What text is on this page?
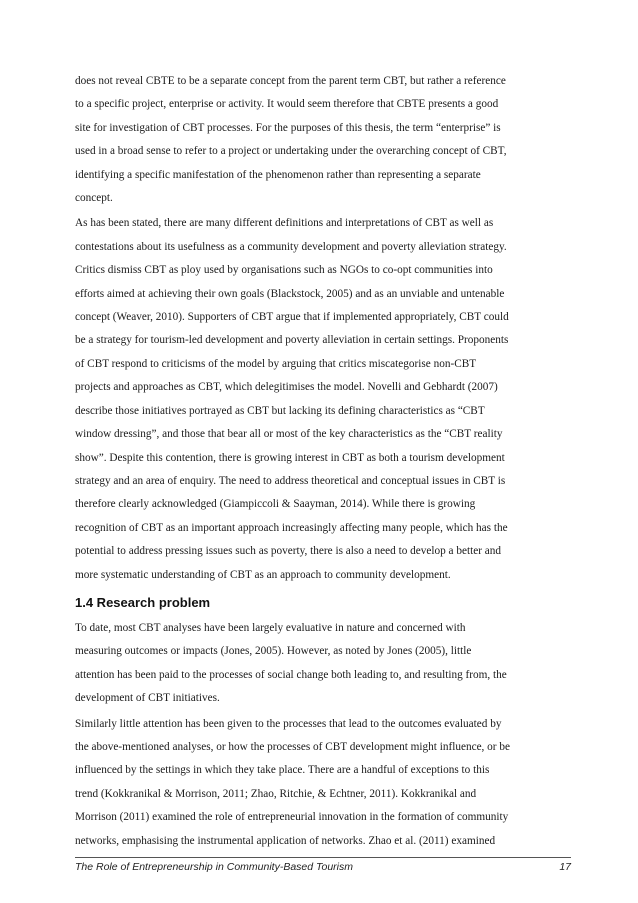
does not reveal CBTE to be a separate concept from the parent term CBT, but rather a reference
to a specific project, enterprise or activity. It would seem therefore that CBTE presents a good
site for investigation of CBT processes. For the purposes of this thesis, the term “enterprise” is
used in a broad sense to refer to a project or undertaking under the overarching concept of CBT,
identifying a specific manifestation of the phenomenon rather than representing a separate
concept.

As has been stated, there are many different definitions and interpretations of CBT as well as
contestations about its usefulness as a community development and poverty alleviation strategy.
Critics dismiss CBT as ploy used by organisations such as NGOs to co-opt communities into
efforts aimed at achieving their own goals (Blackstock, 2005) and as an unviable and untenable
concept (Weaver, 2010). Supporters of CBT argue that if implemented appropriately, CBT could
be a strategy for tourism-led development and poverty alleviation in certain settings. Proponents
of CBT respond to criticisms of the model by arguing that critics miscategorise non-CBT
projects and approaches as CBT, which delegitimises the model. Novelli and Gebhardt (2007)
describe those initiatives portrayed as CBT but lacking its defining characteristics as “CBT
window dressing”, and those that bear all or most of the key characteristics as the “CBT reality
show”. Despite this contention, there is growing interest in CBT as both a tourism development
strategy and an area of enquiry. The need to address theoretical and conceptual issues in CBT is
therefore clearly acknowledged (Giampiccoli & Saayman, 2014). While there is growing
recognition of CBT as an important approach increasingly affecting many people, which has the
potential to address pressing issues such as poverty, there is also a need to develop a better and
more systematic understanding of CBT as an approach to community development.

1.4 Research problem

To date, most CBT analyses have been largely evaluative in nature and concerned with
measuring outcomes or impacts (Jones, 2005). However, as noted by Jones (2005), little
attention has been paid to the processes of social change both leading to, and resulting from, the
development of CBT initiatives.

Similarly little attention has been given to the processes that lead to the outcomes evaluated by
the above-mentioned analyses, or how the processes of CBT development might influence, or be
influenced by the settings in which they take place. There are a handful of exceptions to this
trend (Kokkranikal & Morrison, 2011; Zhao, Ritchie, & Echtner, 2011). Kokkranikal and
Morrison (2011) examined the role of entrepreneurial innovation in the formation of community
networks, emphasising the instrumental application of networks. Zhao et al. (2011) examined

The Role of Entrepreneurship in Community-Based Tourism	17
